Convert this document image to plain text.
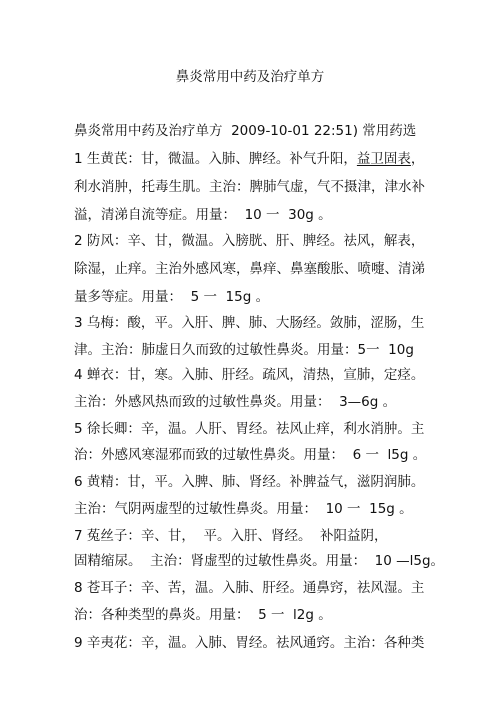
鼻炎常用中药及治疗单方
鼻炎常用中药及治疗单方  2009-10-01 22:51) 常用药选
1 生黄芪：甘，微温。入肺、脾经。补气升阳，益卫固表，
利水消肿，托毒生肌。主治：脾肺气虚，气不摄津，津水补
溢，清涕自流等症。用量：  10 一  30g 。
2 防风：辛、甘，微温。入膀胱、肝、脾经。祛风，解表，
除湿，止痒。主治外感风寒，鼻痒、鼻塞酸胀、喷嚏、清涕
量多等症。用量：  5 一  15g 。
3 乌梅：酸，平。入肝、脾、肺、大肠经。敛肺，涩肠，生
津。主治：肺虚日久而致的过敏性鼻炎。用量：5一  10g
4 蝉衣：甘，寒。入肺、肝经。疏风，清热，宣肺，定痉。
主治：外感风热而致的过敏性鼻炎。用量：  3—6g 。
5 徐长卿：辛，温。人肝、胃经。祛风止痒，利水消肿。主
治：外感风寒湿邪而致的过敏性鼻炎。用量：  6 一  l5g 。
6 黄精：甘，平。入脾、肺、肾经。补脾益气，滋阴润肺。
主治：气阴两虚型的过敏性鼻炎。用量：  10 一  15g 。
7 菟丝子：辛、甘，  平。入肝、肾经。  补阳益阴，
固精缩尿。  主治：肾虚型的过敏性鼻炎。用量：  10 —l5g。
8 苍耳子：辛、苦，温。入肺、肝经。通鼻窍，祛风湿。主
治：各种类型的鼻炎。用量：  5 一  l2g 。
9 辛夷花：辛，温。入肺、胃经。祛风通窍。主治：各种类
